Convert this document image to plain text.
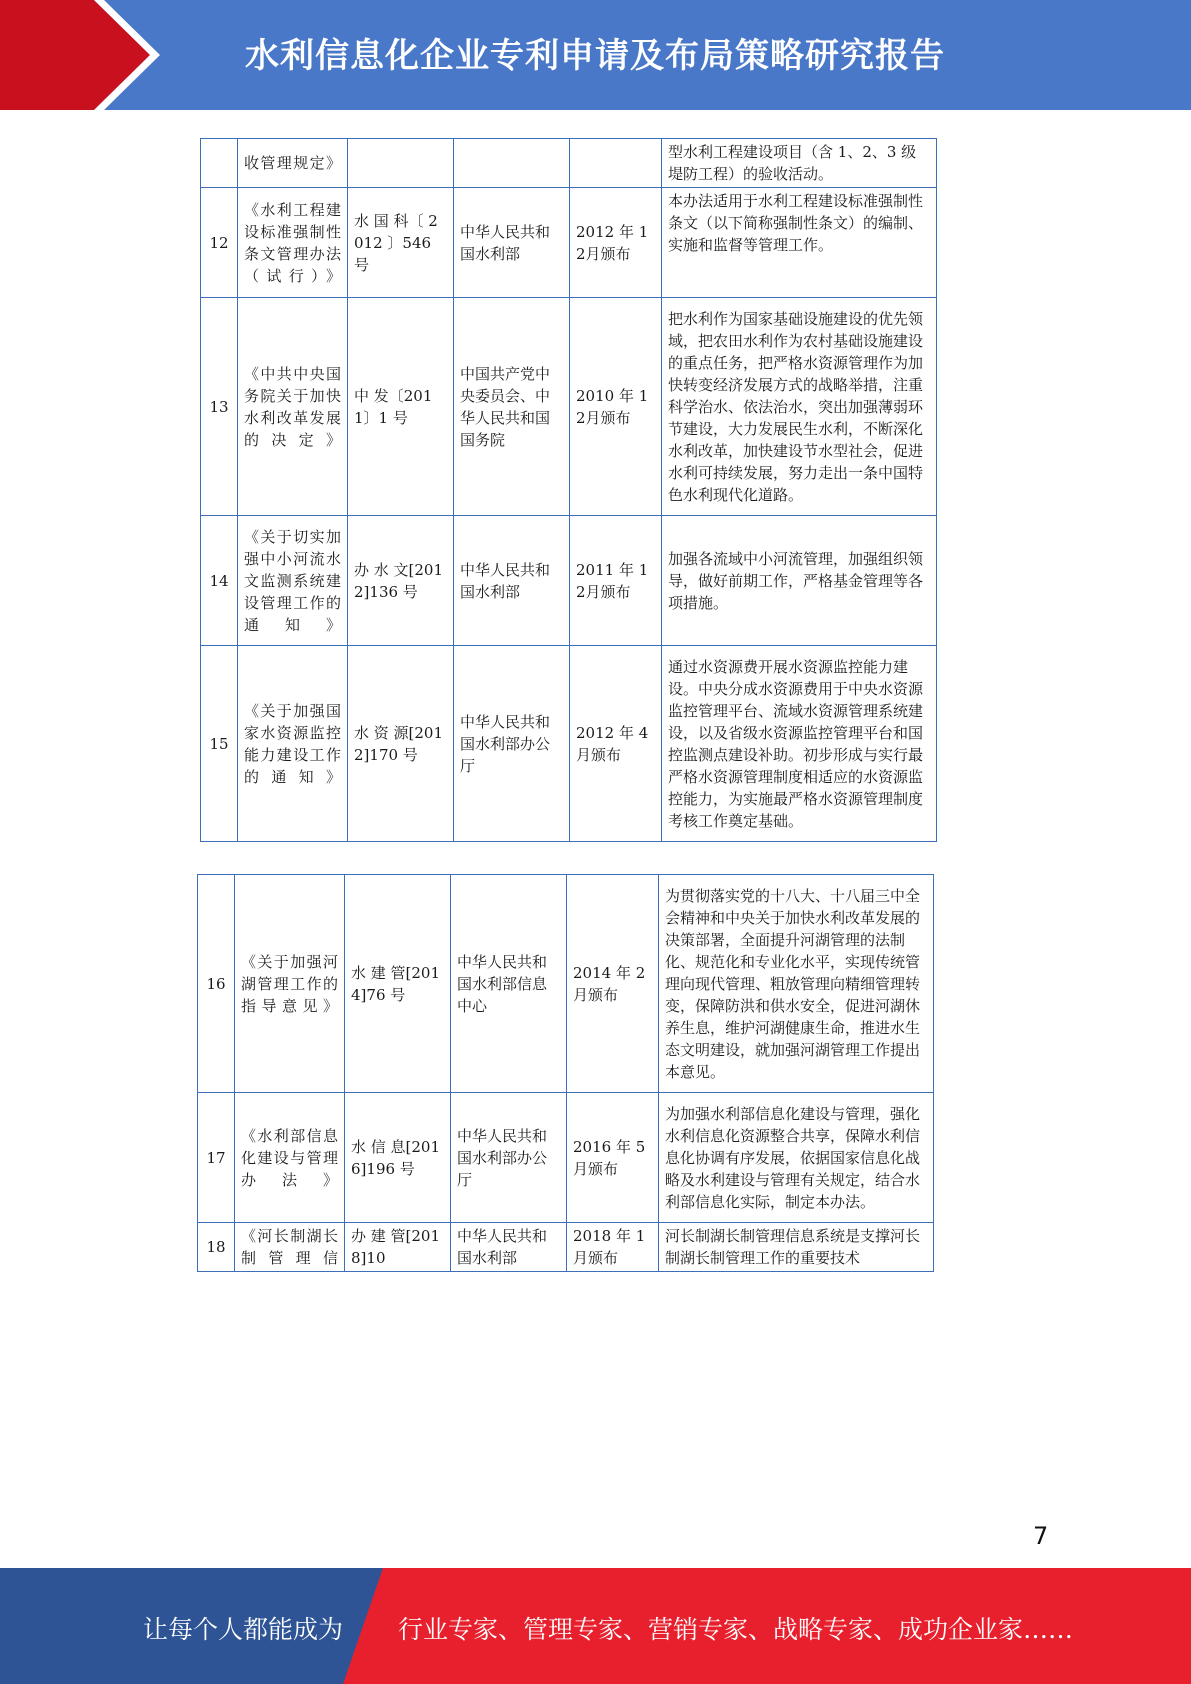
水利信息化企业专利申请及布局策略研究报告
	收管理规定》				型水利工程建设项目（含 1、2、3 级堤防工程）的验收活动。
12	《水利工程建设标准强制性条文管理办法（试行）》	水 国 科〔 2012 〕546 号	中华人民共和国水利部	2012 年 12月颁布	本办法适用于水利工程建设标准强制性条文（以下简称强制性条文）的编制、实施和监督等管理工作。
13	《中共中央国务院关于加快水利改革发展的决定》	中 发〔2011〕1 号	中国共产党中央委员会、中华人民共和国国务院	2010 年 12月颁布	把水利作为国家基础设施建设的优先领域，把农田水利作为农村基础设施建设的重点任务，把严格水资源管理作为加快转变经济发展方式的战略举措，注重科学治水、依法治水，突出加强薄弱环节建设，大力发展民生水利，不断深化水利改革，加快建设节水型社会，促进水利可持续发展，努力走出一条中国特色水利现代化道路。
14	《关于切实加强中小河流水文监测系统建设管理工作的通知》	办 水 文[2012]136 号	中华人民共和国水利部	2011 年 12月颁布	加强各流域中小河流管理，加强组织领导，做好前期工作，严格基金管理等各项措施。
15	《关于加强国家水资源监控能力建设工作的通知》	水 资 源[2012]170 号	中华人民共和国水利部办公厅	2012 年 4 月颁布	通过水资源费开展水资源监控能力建设。中央分成水资源费用于中央水资源监控管理平台、流域水资源管理系统建设，以及省级水资源监控管理平台和国控监测点建设补助。初步形成与实行最严格水资源管理制度相适应的水资源监控能力，为实施最严格水资源管理制度考核工作奠定基础。
16	《关于加强河湖管理工作的指导意见》	水 建 管[2014]76 号	中华人民共和国水利部信息中心	2014 年 2 月颁布	为贯彻落实党的十八大、十八届三中全会精神和中央关于加快水利改革发展的决策部署，全面提升河湖管理的法制化、规范化和专业化水平，实现传统管理向现代管理、粗放管理向精细管理转变，保障防洪和供水安全，促进河湖休养生息，维护河湖健康生命，推进水生态文明建设，就加强河湖管理工作提出本意见。
17	《水利部信息化建设与管理办法》	水 信 息[2016]196 号	中华人民共和国水利部办公厅	2016 年 5 月颁布	为加强水利部信息化建设与管理，强化水利信息化资源整合共享，保障水利信息化协调有序发展，依据国家信息化战略及水利建设与管理有关规定，结合水利部信息化实际，制定本办法。
18	《河长制湖长制管理信	办 建 管[2018]10	中华人民共和国水利部	2018 年 1 月颁布	河长制湖长制管理信息系统是支撑河长制湖长制管理工作的重要技术
7
让每个人都能成为 行业专家、管理专家、营销专家、战略专家、成功企业家……
